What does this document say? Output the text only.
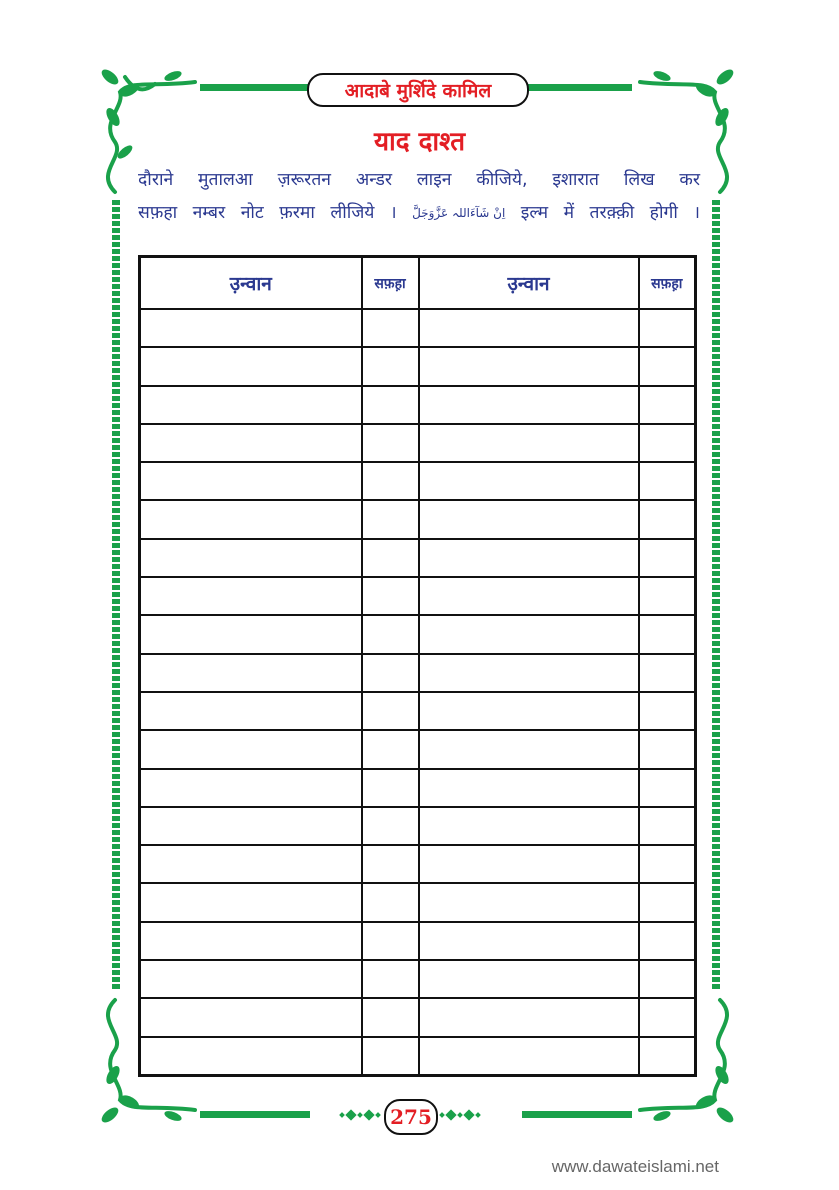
आदाबे मुर्शिदे कामिल
याद दाश्त
दौराने मुतालआ ज़रूरतन अन्डर लाइन कीजिये, इशारात लिख कर
सफ़हा नम्बर नोट फ़रमा लीजिये । اِنْ شَآءَاللہ عَزَّوَجَلَّ इल्म में तरक़्क़ी होगी ।
उ़न्वान	सफ़ह़ा	उ़न्वान	सफ़ह़ा

275
www.dawateislami.net
